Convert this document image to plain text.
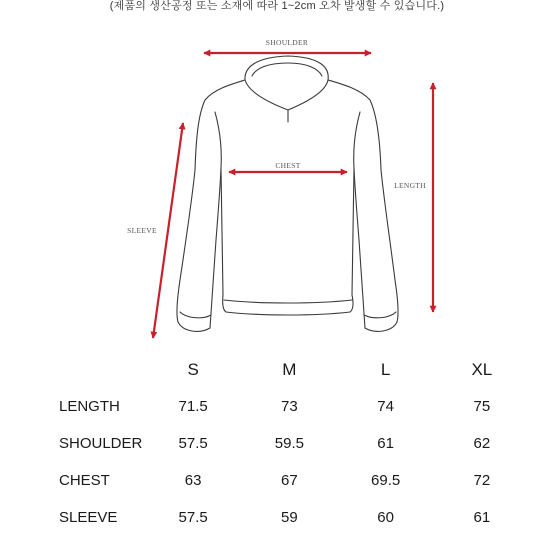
(제품의 생산공정 또는 소재에 따라 1~2cm 오차 발생할 수 있습니다.)
SHOULDER
CHEST
LENGTH
SLEEVE
	S	M	L	XL
LENGTH	71.5	73	74	75
SHOULDER	57.5	59.5	61	62
CHEST	63	67	69.5	72
SLEEVE	57.5	59	60	61
